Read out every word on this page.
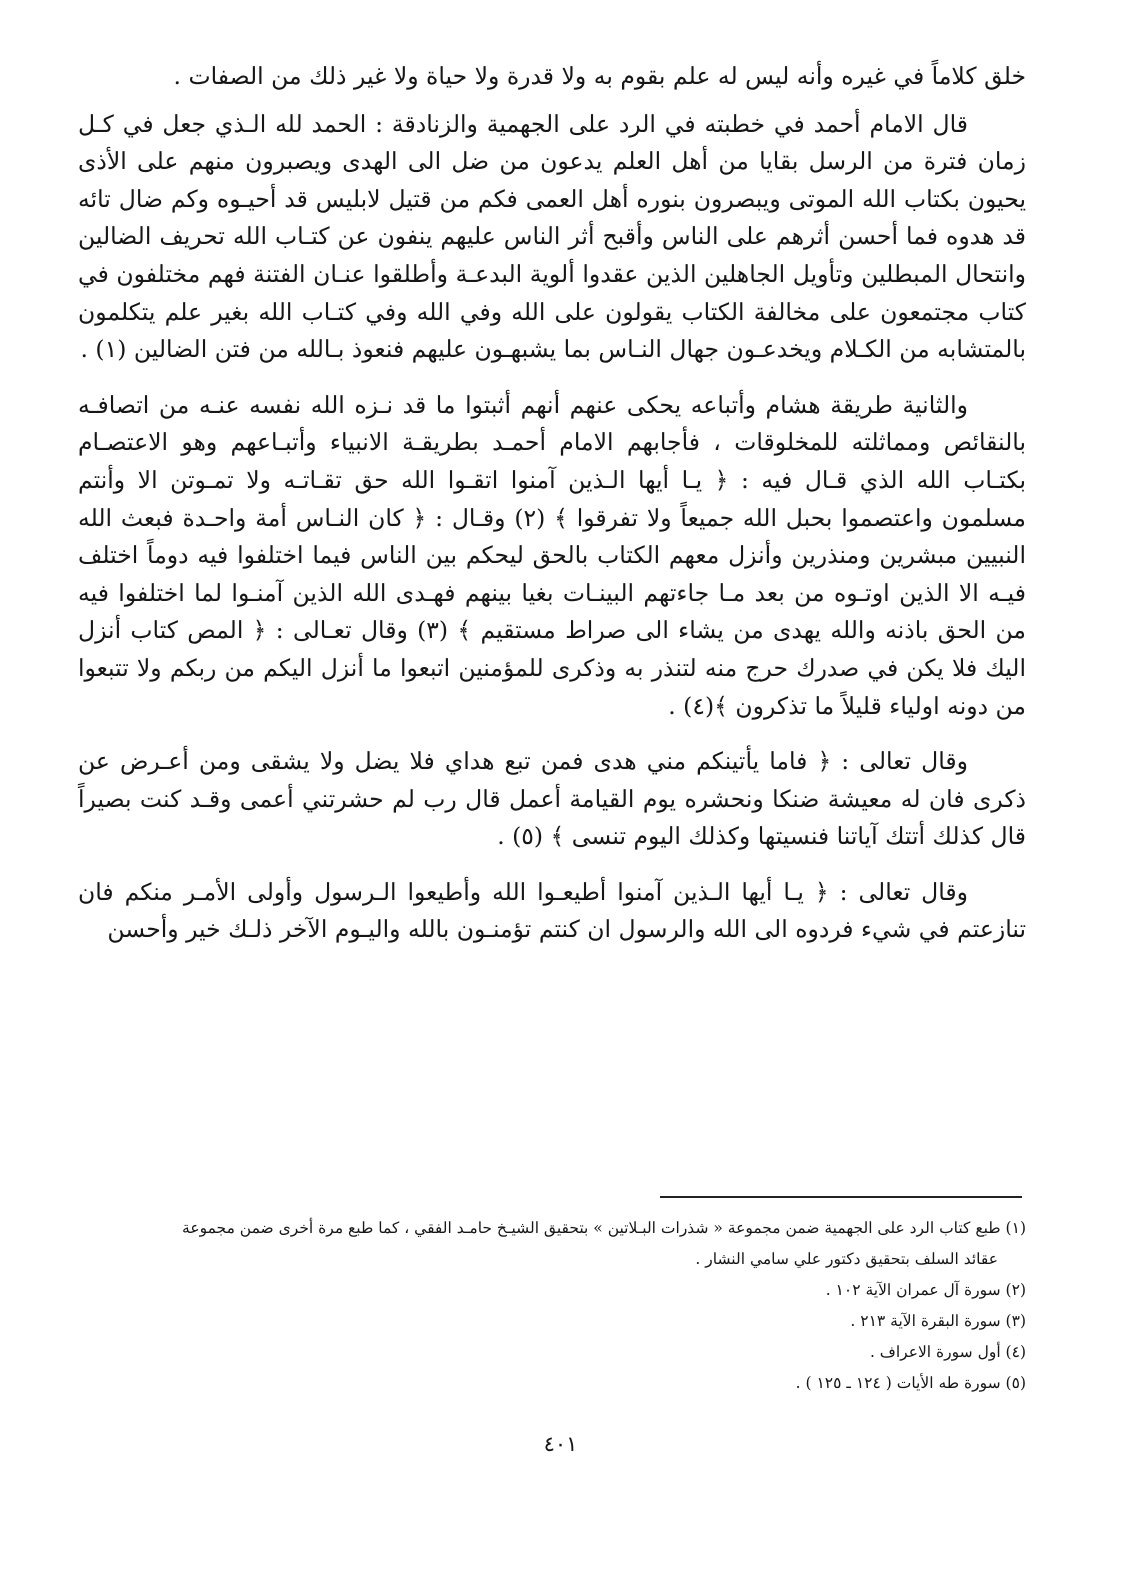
خلق كلاماً في غيره وأنه ليس له علم بقوم به ولا قدرة ولا حياة ولا غير ذلك من الصفات .

قال الامام أحمد في خطبته في الرد على الجهمية والزنادقة : الحمد لله الـذي جعل في كـل زمان فترة من الرسل بقايا من أهل العلم يدعون من ضل الى الهدى ويصبرون منهم على الأذى يحيون بكتاب الله الموتى ويبصرون بنوره أهل العمى فكم من قتيل لابليس قد أحيـوه وكم ضال تائه قد هدوه فما أحسن أثرهم على الناس وأقبح أثر الناس عليهم ينفون عن كتـاب الله تحريف الضالين وانتحال المبطلين وتأويل الجاهلين الذين عقدوا ألوية البدعـة وأطلقوا عنـان الفتنة فهم مختلفون في كتاب مجتمعون على مخالفة الكتاب يقولون على الله وفي الله وفي كتـاب الله بغير علم يتكلمون بالمتشابه من الكـلام ويخدعـون جهال النـاس بما يشبهـون عليهم فنعوذ بـالله من فتن الضالين (١) .

والثانية طريقة هشام وأتباعه يحكى عنهم أنهم أثبتوا ما قد نـزه الله نفسه عنـه من اتصافـه بالنقائص ومماثلته للمخلوقات ، فأجابهم الامام أحمـد بطريقـة الانبياء وأتبـاعهم وهو الاعتصـام بكتـاب الله الذي قـال فيه : ﴿ يـا أيها الـذين آمنوا اتقـوا الله حق تقـاتـه ولا تمـوتن الا وأنتم مسلمون واعتصموا بحبل الله جميعاً ولا تفرقوا ﴾ (٢) وقـال : ﴿ كان النـاس أمة واحـدة فبعث الله النبيين مبشرين ومنذرين وأنزل معهم الكتاب بالحق ليحكم بين الناس فيما اختلفوا فيه دوماً اختلف فيـه الا الذين اوتـوه من بعد مـا جاءتهم البينـات بغيا بينهم فهـدى الله الذين آمنـوا لما اختلفوا فيه من الحق باذنه والله يهدى من يشاء الى صراط مستقيم ﴾ (٣) وقال تعـالى : ﴿ المص كتاب أنزل اليك فلا يكن في صدرك حرج منه لتنذر به وذكرى للمؤمنين اتبعوا ما أنزل اليكم من ربكم ولا تتبعوا من دونه اولياء قليلاً ما تذكرون ﴾(٤) .

وقال تعالى : ﴿ فاما يأتينكم مني هدى فمن تبع هداي فلا يضل ولا يشقى ومن أعـرض عن ذكرى فان له معيشة ضنكا ونحشره يوم القيامة أعمل قال رب لم حشرتني أعمى وقـد كنت بصيراً قال كذلك أتتك آياتنا فنسيتها وكذلك اليوم تنسى ﴾ (٥) .

وقال تعالى : ﴿ يـا أيها الـذين آمنوا أطيعـوا الله وأطيعوا الـرسول وأولى الأمـر منكم فان تنازعتم في شيء فردوه الى الله والرسول ان كنتم تؤمنـون بالله واليـوم الآخر ذلـك خير وأحسن

(١) طبع كتاب الرد على الجهمية ضمن مجموعة « شذرات البـلاتين » بتحقيق الشيـخ حامـد الفقي ، كما طبع مرة أخرى ضمن مجموعة
عقائد السلف بتحقيق دكتور علي سامي النشار .

(٢) سورة آل عمران الآية ١٠٢ .

(٣) سورة البقرة الآية ٢١٣ .

(٤) أول سورة الاعراف .

(٥) سورة طه الأيات ( ١٢٤ ـ ١٢٥ ) .

٤٠١
